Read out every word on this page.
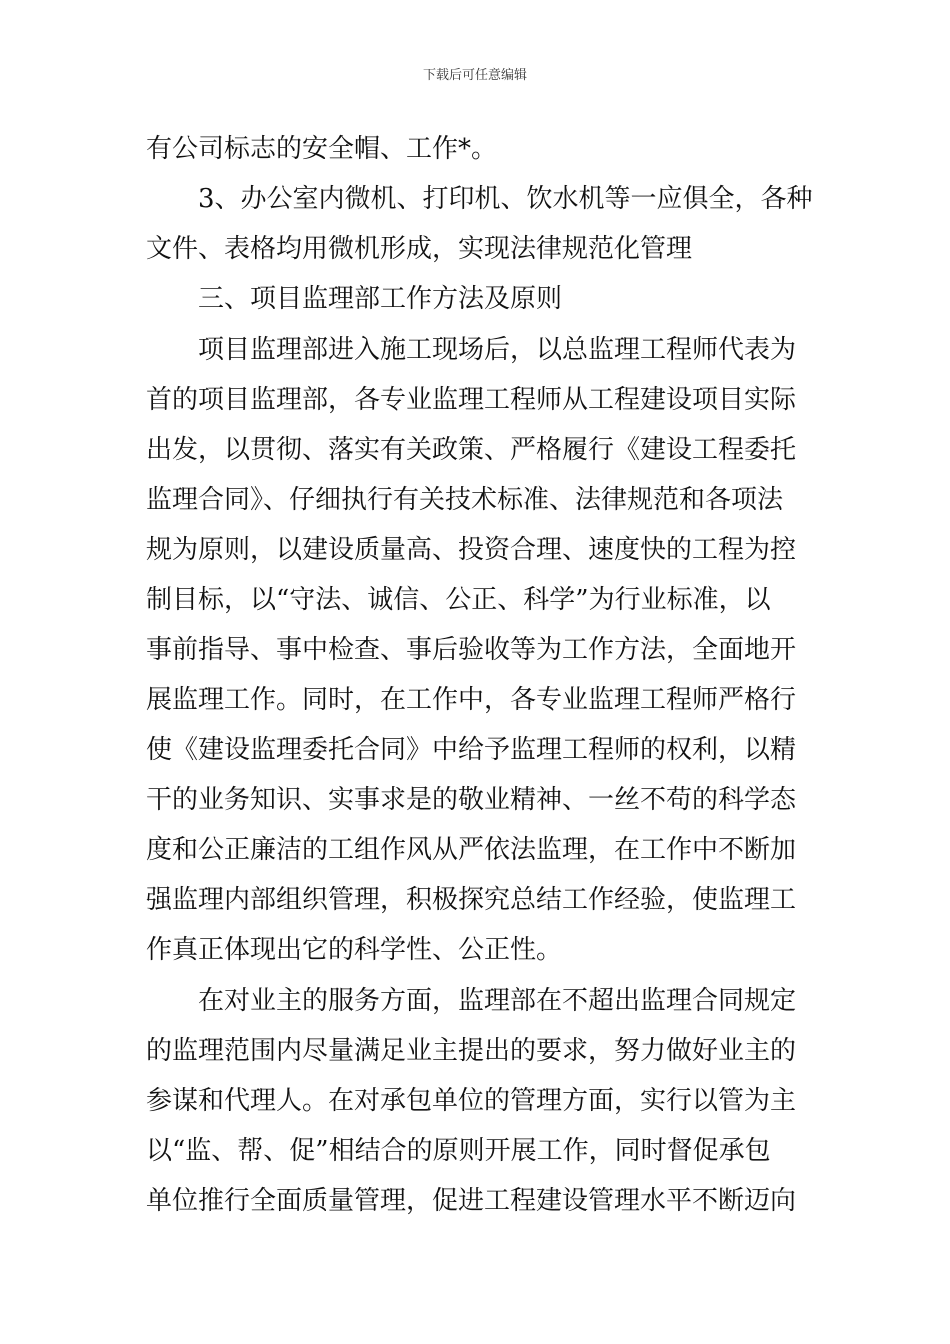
下载后可任意编辑
有公司标志的安全帽、工作*。
3、办公室内微机、打印机、饮水机等一应俱全，各种
文件、表格均用微机形成，实现法律规范化管理
三、项目监理部工作方法及原则
项目监理部进入施工现场后，以总监理工程师代表为
首的项目监理部，各专业监理工程师从工程建设项目实际
出发，以贯彻、落实有关政策、严格履行《建设工程委托
监理合同》、仔细执行有关技术标准、法律规范和各项法
规为原则，以建设质量高、投资合理、速度快的工程为控
制目标，以“守法、诚信、公正、科学”为行业标准，以
事前指导、事中检查、事后验收等为工作方法，全面地开
展监理工作。同时，在工作中，各专业监理工程师严格行
使《建设监理委托合同》中给予监理工程师的权利，以精
干的业务知识、实事求是的敬业精神、一丝不苟的科学态
度和公正廉洁的工组作风从严依法监理，在工作中不断加
强监理内部组织管理，积极探究总结工作经验，使监理工
作真正体现出它的科学性、公正性。
在对业主的服务方面，监理部在不超出监理合同规定
的监理范围内尽量满足业主提出的要求，努力做好业主的
参谋和代理人。在对承包单位的管理方面，实行以管为主
以“监、帮、促”相结合的原则开展工作，同时督促承包
单位推行全面质量管理，促进工程建设管理水平不断迈向
